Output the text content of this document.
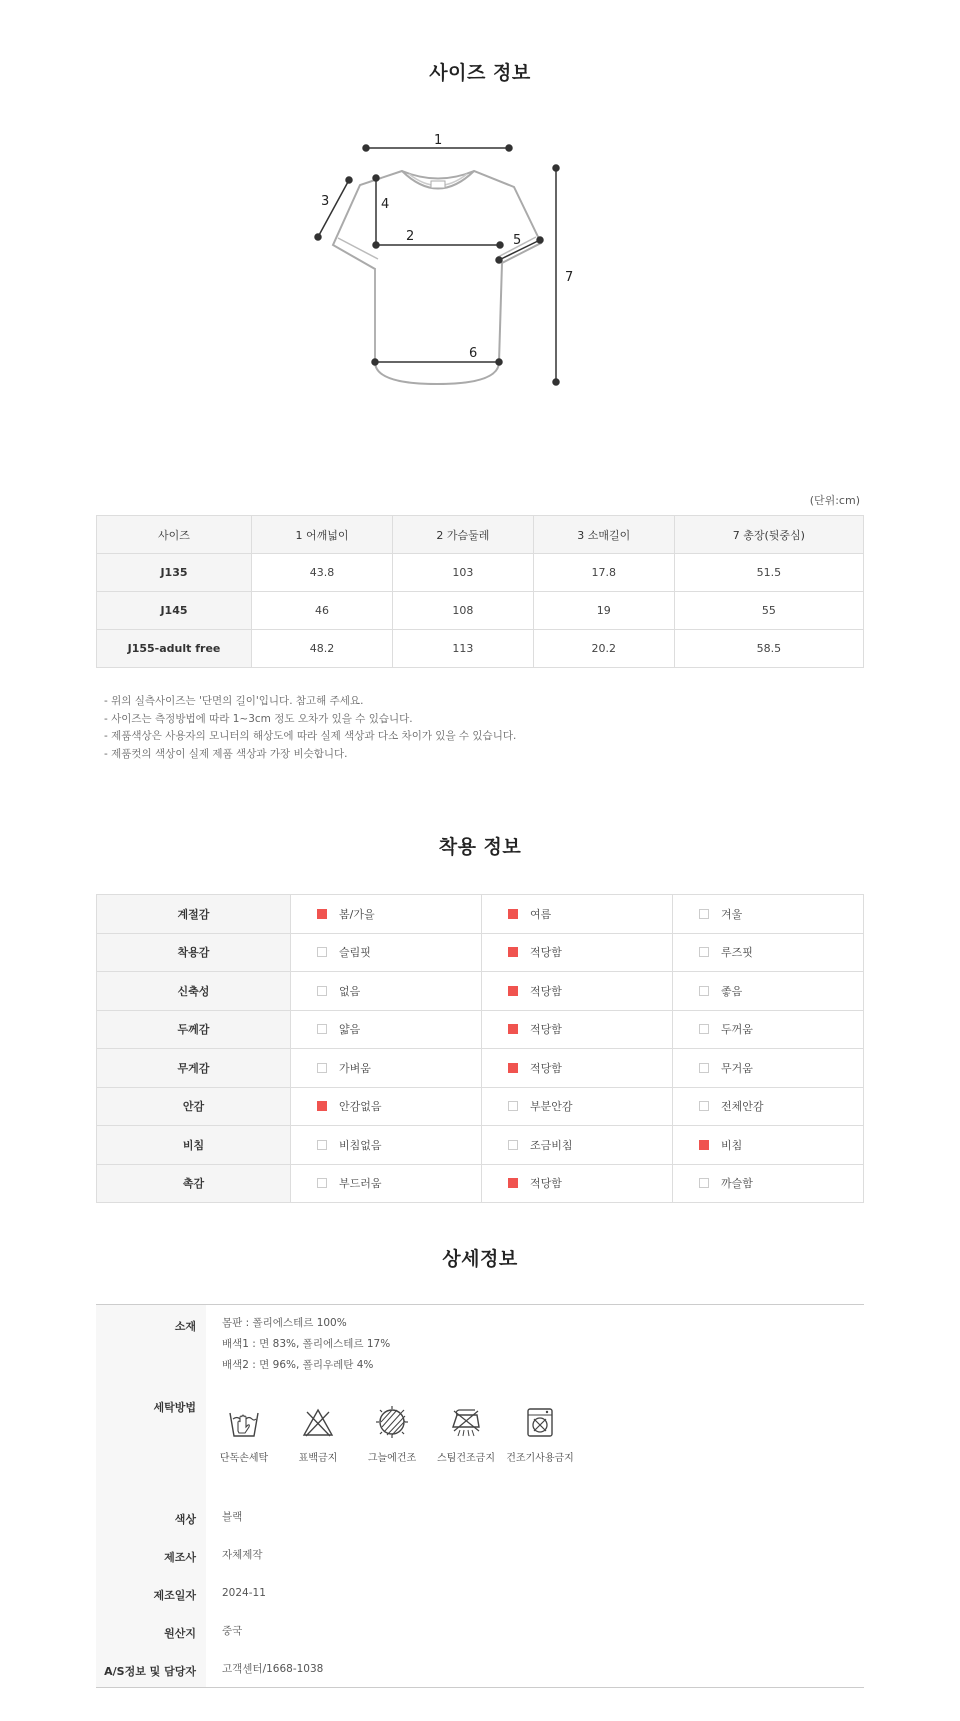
사이즈 정보
1
2
3	4
5
6
7
(단위:cm)
사이즈	1 어깨넓이	2 가슴둘레	3 소매길이	7 총장(뒷중심)
J135	43.8	103	17.8	51.5
J145	46	108	19	55
J155-adult free	48.2	113	20.2	58.5
- 위의 실측사이즈는 '단면의 길이'입니다. 참고해 주세요.
- 사이즈는 측정방법에 따라 1~3cm 정도 오차가 있을 수 있습니다.
- 제품색상은 사용자의 모니터의 해상도에 따라 실제 색상과 다소 차이가 있을 수 있습니다.
- 제품컷의 색상이 실제 제품 색상과 가장 비슷합니다.
착용 정보
계절감	봄/가을	여름	겨울
착용감	슬림핏	적당함	루즈핏
신축성	없음	적당함	좋음
두께감	얇음	적당함	두꺼움
무게감	가벼움	적당함	무거움
안감	안감없음	부분안감	전체안감
비침	비침없음	조금비침	비침
촉감	부드러움	적당함	까슬함
상세정보
소재 몸판 : 폴리에스테르 100%
배색1 : 면 83%, 폴리에스테르 17%
배색2 : 면 96%, 폴리우레탄 4%
세탁방법
단독손세탁	표백금지	그늘에건조	스팀건조금지	건조기사용금지
색상 블랙
제조사 자체제작
제조일자 2024-11
원산지 중국
A/S정보 및 담당자 고객센터/1668-1038
